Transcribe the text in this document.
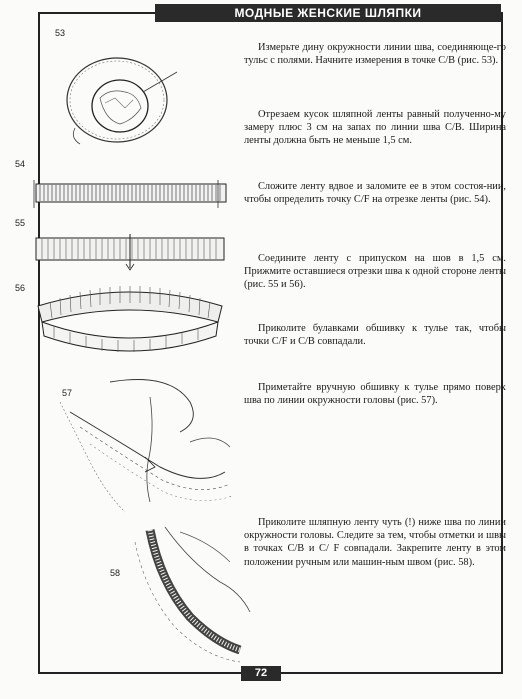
МОДНЫЕ ЖЕНСКИЕ ШЛЯПКИ
53
54
55
56
57
58

Измерьте дину окружности линии шва, соединяюще-го тульс с полями. Начните измерения в точке С/В (рис. 53).

Отрезаем кусок шляпной ленты равный полученно-му замеру плюс 3 см на запах по линии шва С/В. Ширина ленты должна быть не меньше 1,5 см.

Сложите ленту вдвое и заломите ее в этом состоя-нии, чтобы определить точку С/F на отрезке ленты (рис. 54).

Соедините ленту с припуском на шов в 1,5 см. Прижмите оставшиеся отрезки шва к одной стороне ленты (рис. 55 и 56).

Приколите булавками обшивку к тулье так, чтобы точки С/F и С/В совпадали.

Приметайте вручную обшивку к тулье прямо поверх шва по линии окружности головы (рис. 57).

Приколите шляпную ленту чуть (!) ниже шва по линии окружности головы. Следите за тем, чтобы отметки и швы в точках С/В и С/ F совпадали. Закрепите ленту в этом положении ручным или машин-ным швом (рис. 58).

72
